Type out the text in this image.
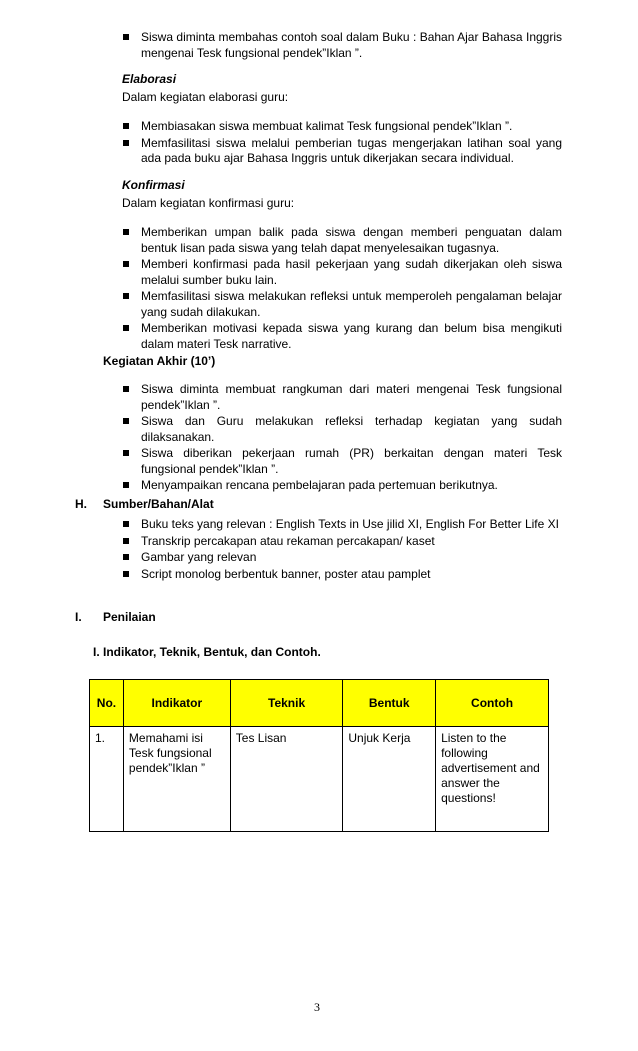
Siswa diminta membahas contoh soal dalam Buku : Bahan Ajar Bahasa Inggris mengenai Tesk fungsional pendek”Iklan ”.
Elaborasi
Dalam kegiatan elaborasi guru:
Membiasakan siswa membuat kalimat Tesk fungsional pendek”Iklan ”.
Memfasilitasi siswa melalui pemberian tugas mengerjakan latihan soal yang ada pada buku ajar Bahasa Inggris untuk dikerjakan secara individual.
Konfirmasi
Dalam kegiatan konfirmasi guru:
Memberikan umpan balik pada siswa dengan memberi penguatan dalam bentuk lisan pada siswa yang telah dapat menyelesaikan tugasnya.
Memberi konfirmasi pada hasil pekerjaan yang sudah dikerjakan oleh siswa melalui sumber buku lain.
Memfasilitasi siswa melakukan refleksi untuk memperoleh pengalaman belajar yang sudah dilakukan.
Memberikan motivasi kepada siswa yang kurang dan belum bisa mengikuti dalam materi Tesk narrative.
Kegiatan Akhir (10’)
Siswa diminta membuat rangkuman dari materi mengenai Tesk fungsional pendek”Iklan ”.
Siswa dan Guru melakukan refleksi terhadap kegiatan yang sudah dilaksanakan.
Siswa diberikan pekerjaan rumah (PR) berkaitan dengan materi Tesk fungsional pendek”Iklan ”.
Menyampaikan rencana pembelajaran pada pertemuan berikutnya.
H. Sumber/Bahan/Alat
Buku teks yang relevan : English Texts in Use jilid XI, English For Better Life XI
Transkrip percakapan atau rekaman percakapan/ kaset
Gambar yang relevan
Script monolog berbentuk banner, poster atau pamplet
I. Penilaian
I. Indikator, Teknik, Bentuk, dan Contoh.
No.	Indikator	Teknik	Bentuk	Contoh
1.	Memahami isi Tesk fungsional pendek”Iklan ”	Tes Lisan	Unjuk Kerja	Listen to the following advertisement and answer the questions!
3
